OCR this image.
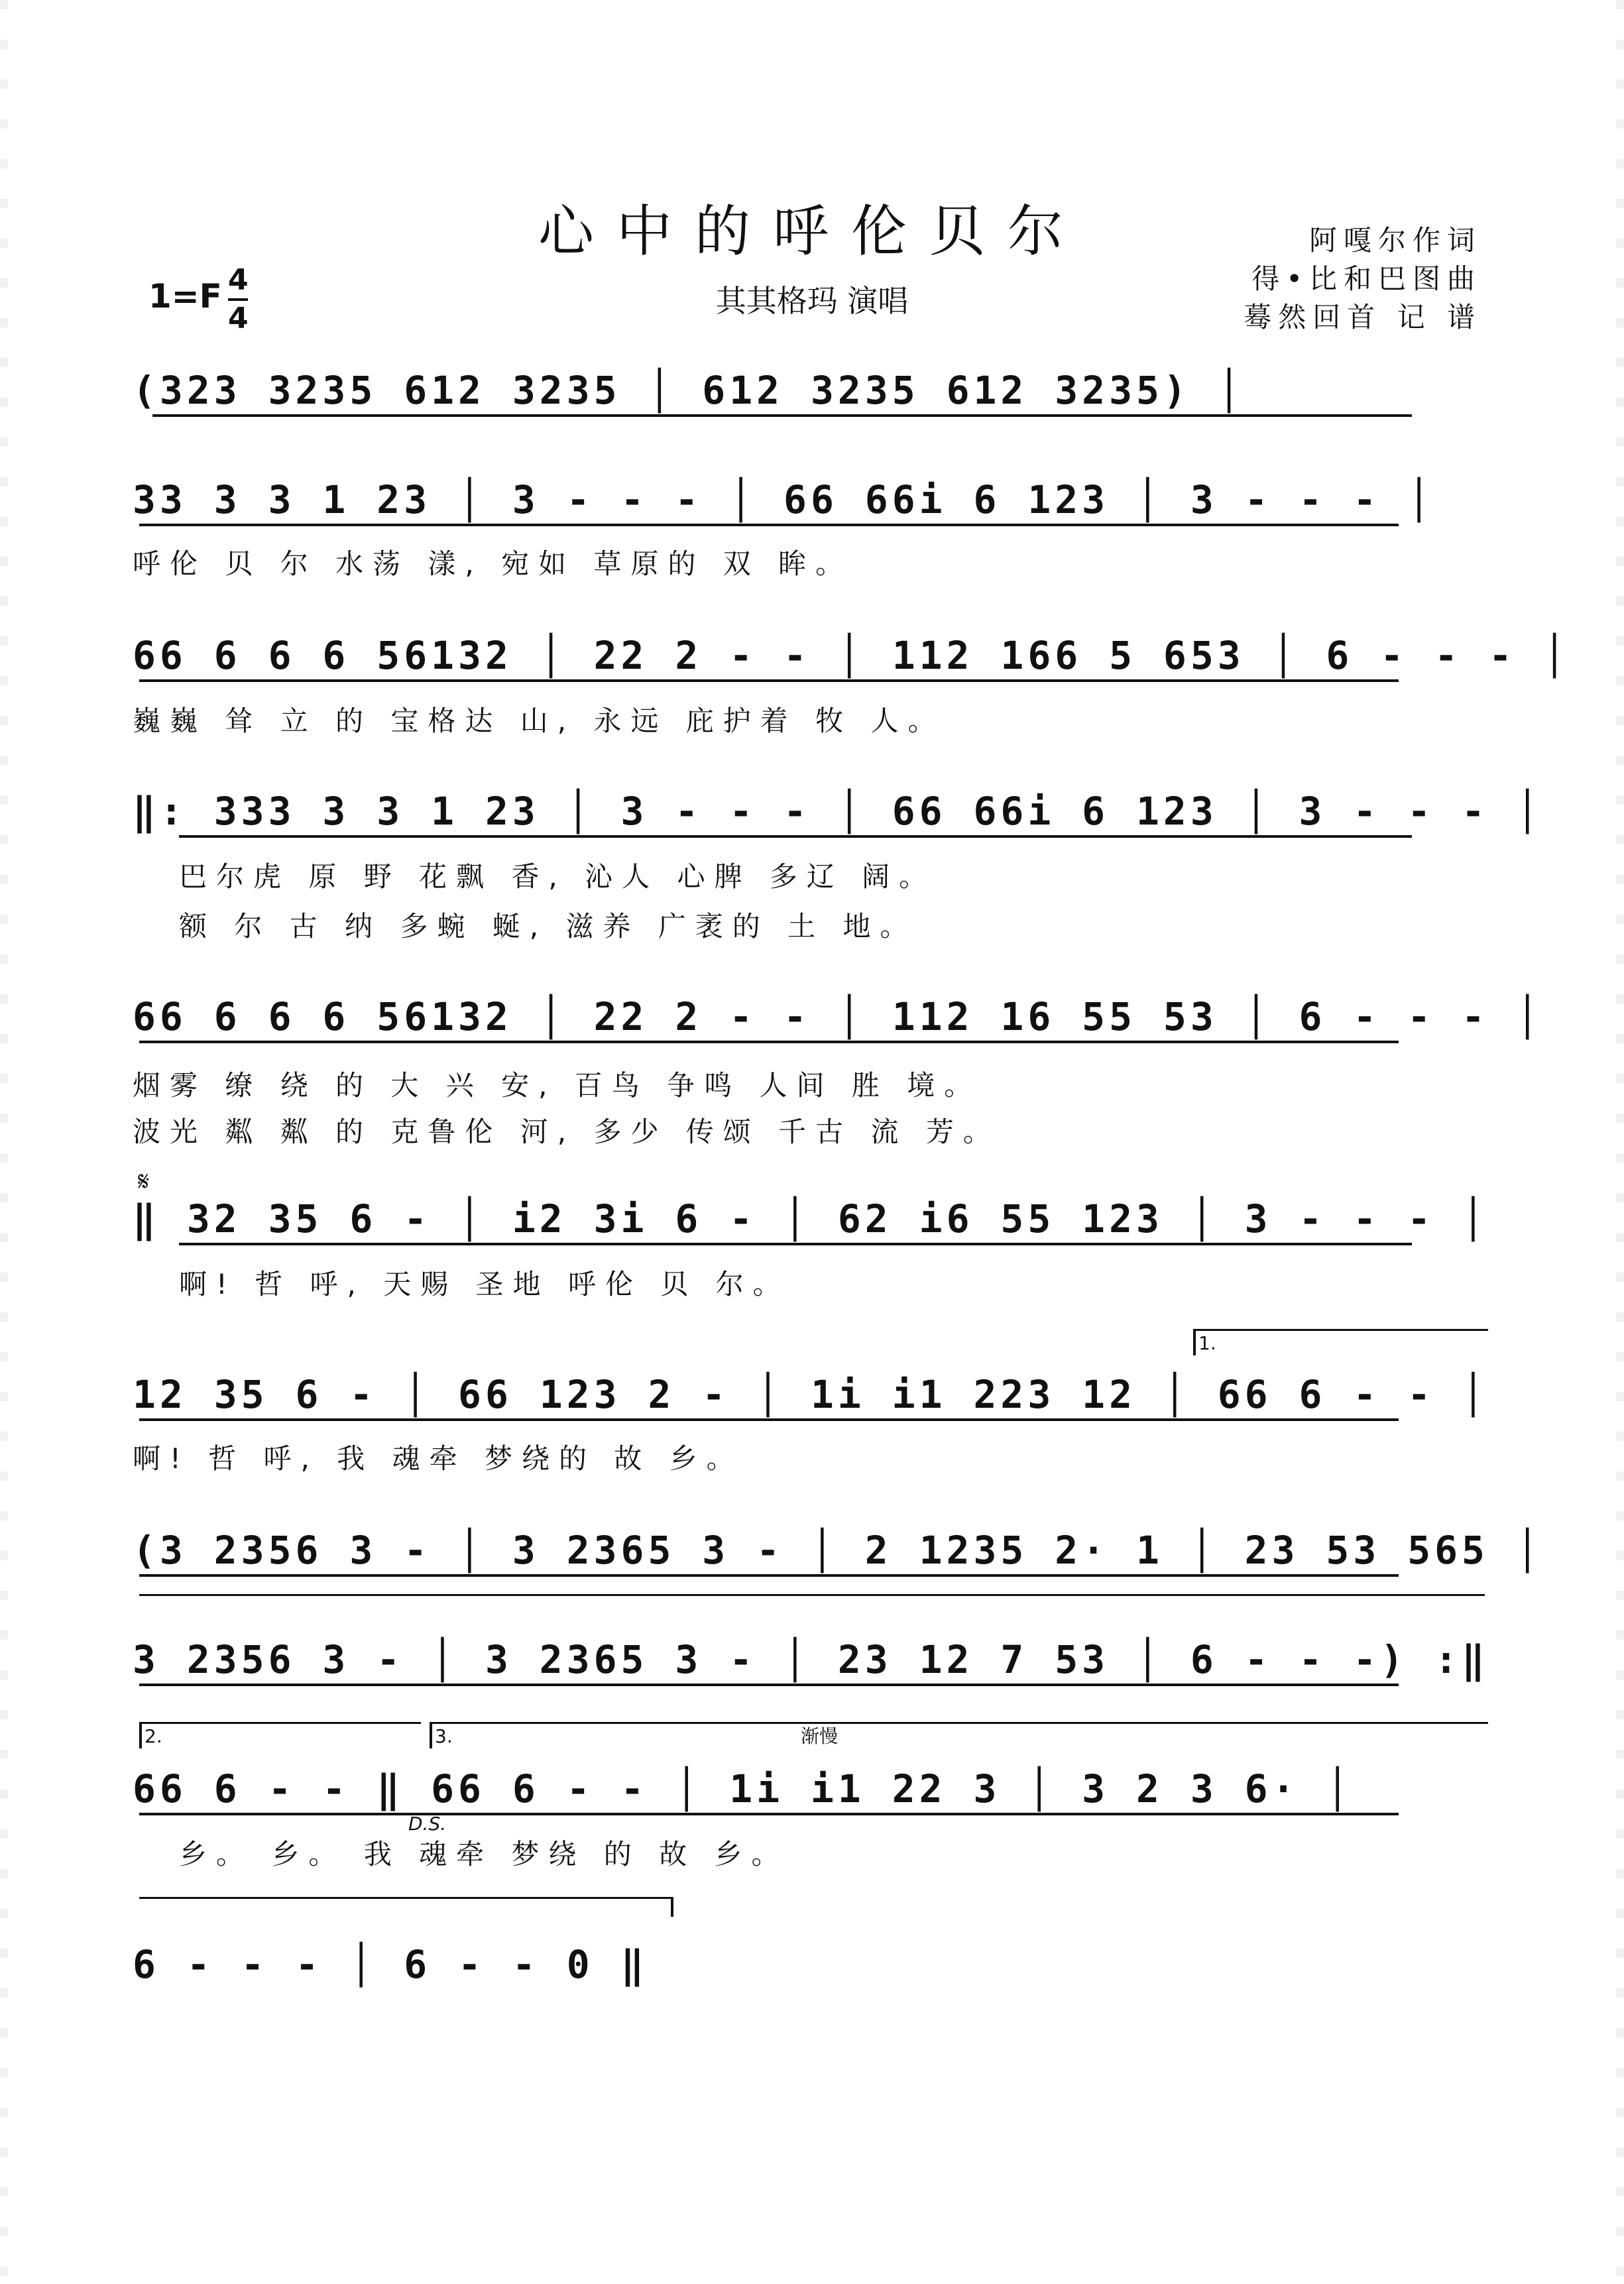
心中的呼伦贝尔
其其格玛 演唱
阿嘎尔作词
得•比和巴图曲
蓦然回首 记 谱
1=F 4
4
(323 3235 612 3235 │ 612 3235 612 3235) │
33 3 3 1 23 │ 3 - - - │ 66 66i 6 123 │ 3 - - - │
呼伦 贝 尔 水荡 漾, 宛如 草原的 双 眸。
66 6 6 6 56132 │ 22 2 - - │ 112 166 5 653 │ 6 - - - │
巍巍 耸 立 的 宝格达 山, 永远 庇护着 牧 人。
‖: 333 3 3 1 23 │ 3 - - - │ 66 66i 6 123 │ 3 - - - │
巴尔虎 原 野 花飘 香, 沁人 心脾 多辽 阔。
额 尔 古 纳 多蜿 蜒, 滋养 广袤的 土 地。
66 6 6 6 56132 │ 22 2 - - │ 112 16 55 53 │ 6 - - - │
烟雾 缭 绕 的 大 兴 安, 百鸟 争鸣 人间 胜 境。
波光 粼 粼 的 克鲁伦 河, 多少 传颂 千古 流 芳。
𝄋
‖ 32 35 6 - │ i2 3i 6 - │ 62 i6 55 123 │ 3 - - - │
啊! 哲 呼, 天赐 圣地 呼伦 贝 尔。
1.
12 35 6 - │ 66 123 2 - │ 1i i1 223 12 │ 66 6 - - │
啊! 哲 呼, 我 魂牵 梦绕的 故 乡。
(3 2356 3 - │ 3 2365 3 - │ 2 1235 2· 1 │ 23 53 565 │
3 2356 3 - │ 3 2365 3 - │ 23 12 7 53 │ 6 - - -) :‖
2.	3.	渐慢
66 6 - - ‖ 66 6 - - │ 1i i1 22 3 │ 3 2 3 6· │
D.S.
乡。 乡。 我 魂牵 梦绕 的 故 乡。
6 - - - │ 6 - - 0 ‖
